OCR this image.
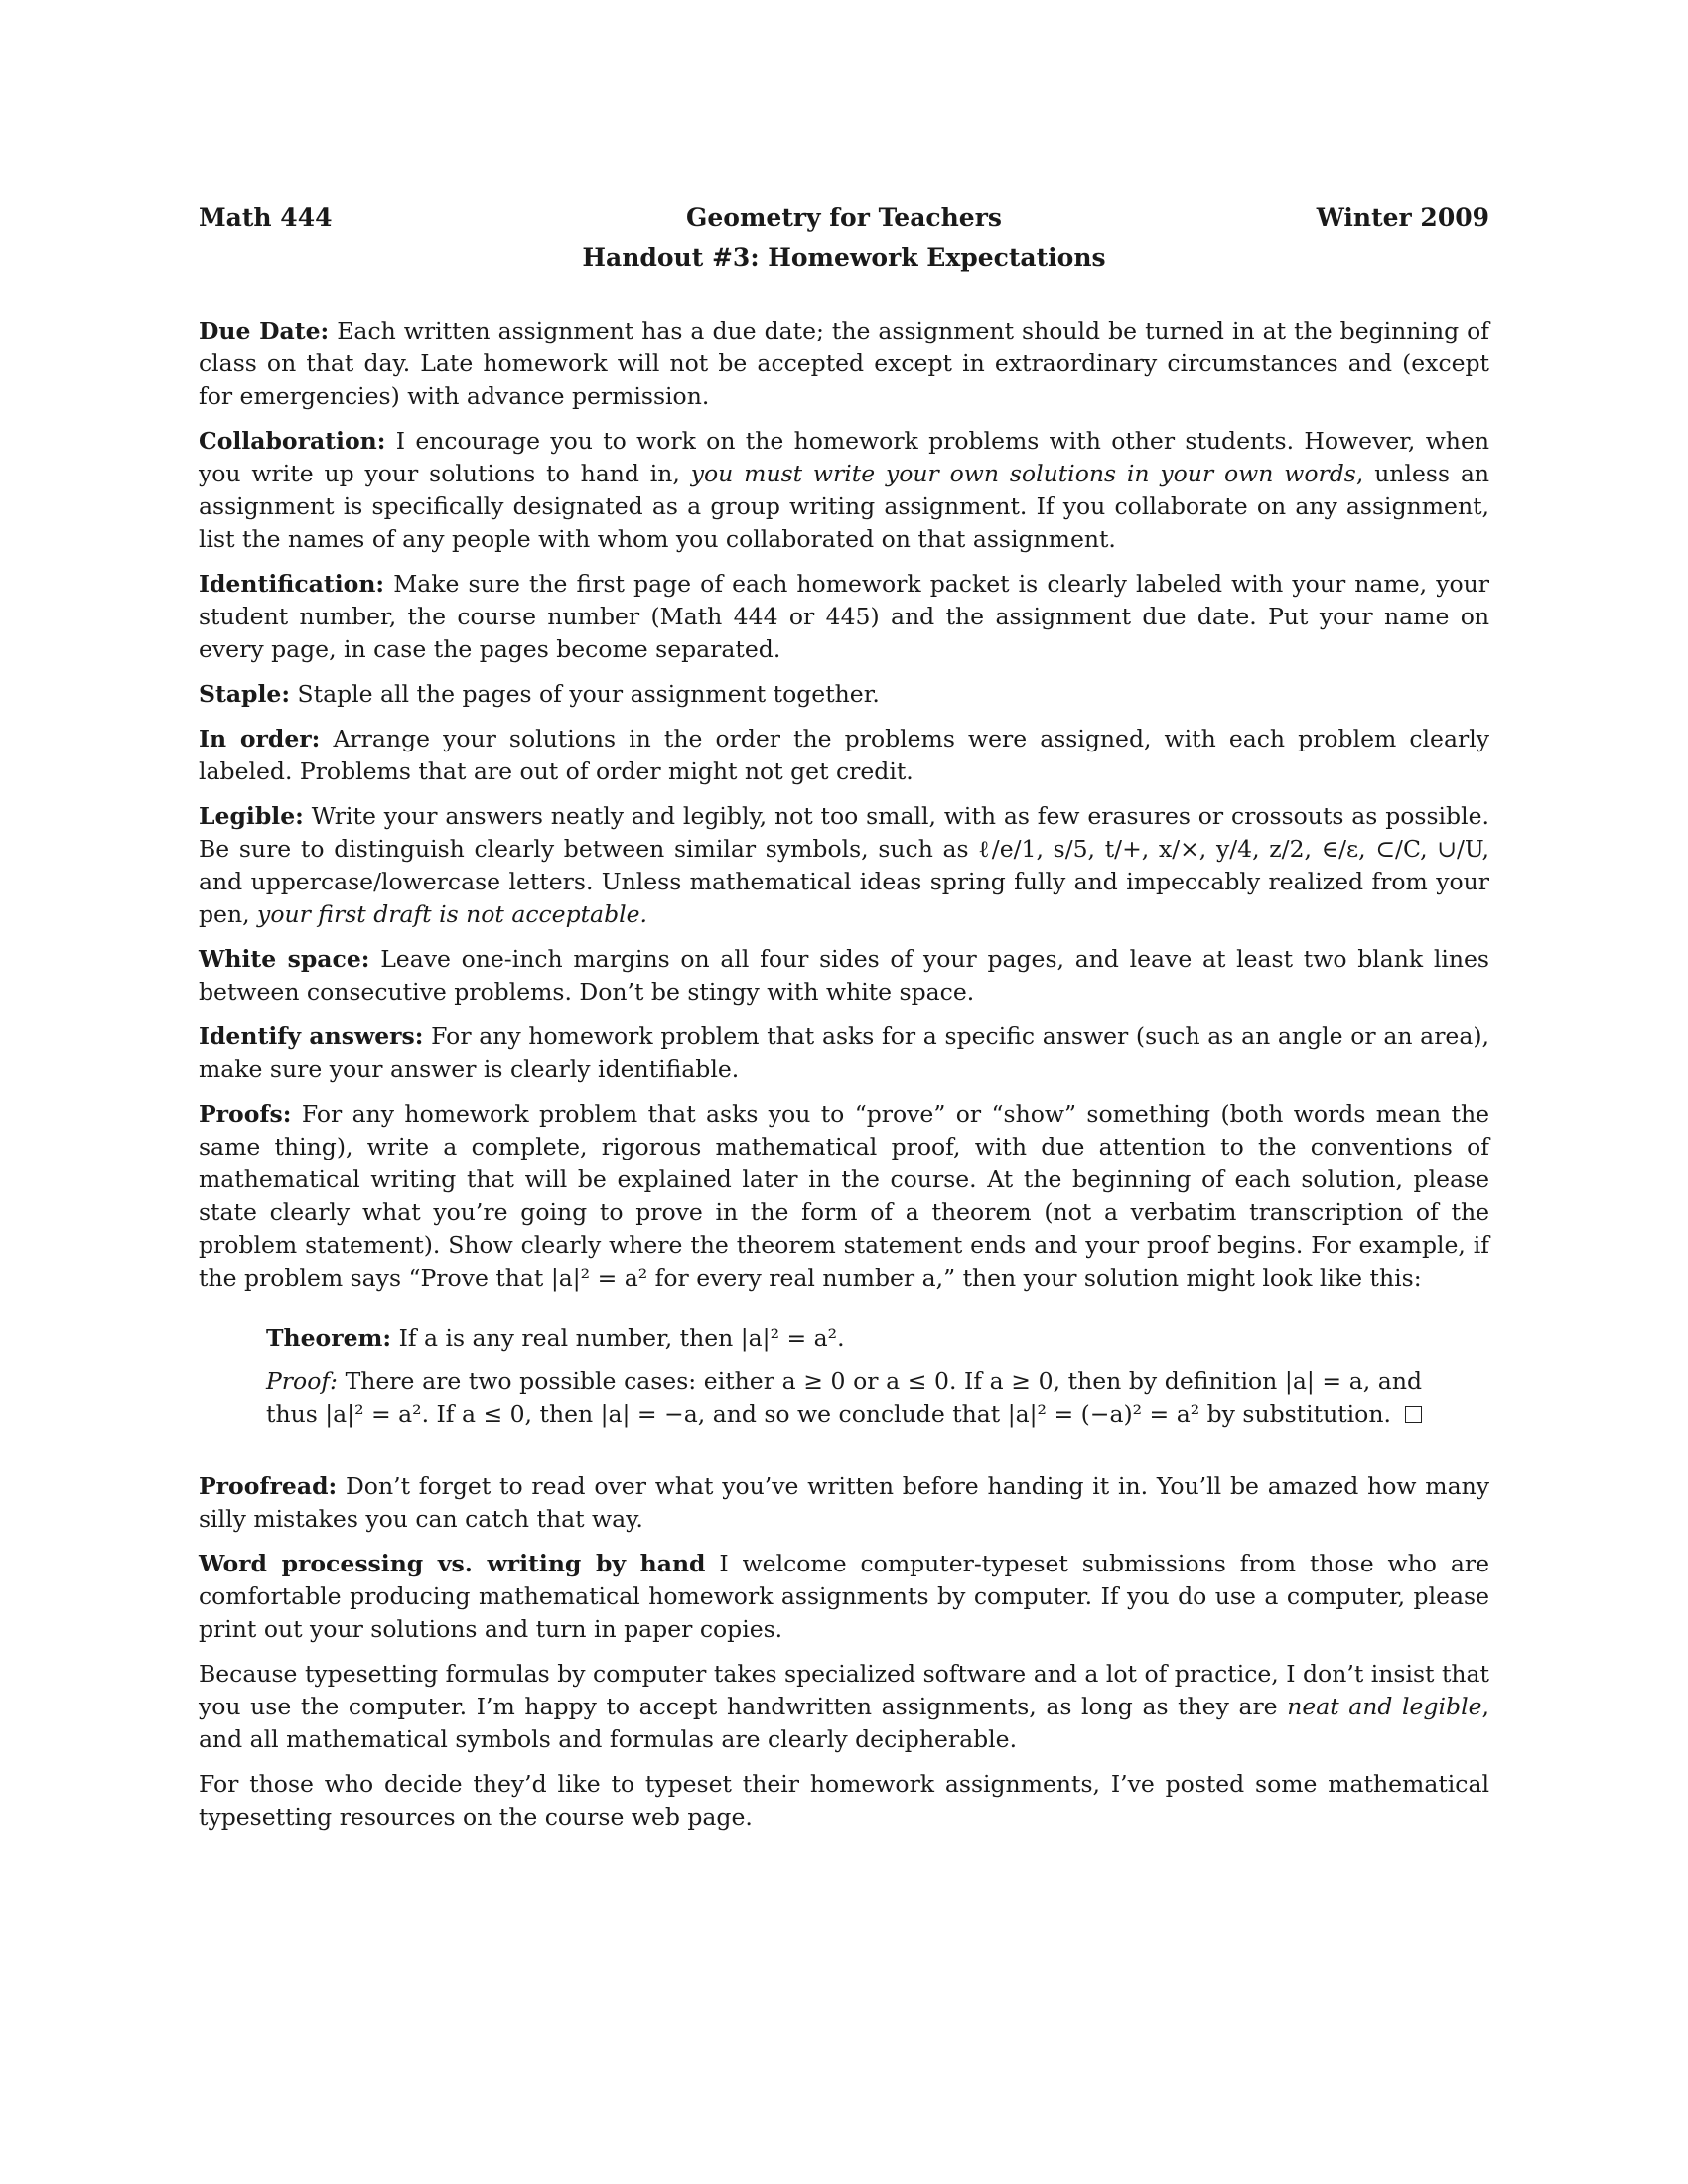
Math 444	Geometry for Teachers	Winter 2009
Handout #3: Homework Expectations

Due Date: Each written assignment has a due date; the assignment should be turned in at the beginning of class on that day. Late homework will not be accepted except in extraordinary circumstances and (except for emergencies) with advance permission.

Collaboration: I encourage you to work on the homework problems with other students. However, when you write up your solutions to hand in, you must write your own solutions in your own words, unless an assignment is specifically designated as a group writing assignment. If you collaborate on any assignment, list the names of any people with whom you collaborated on that assignment.

Identification: Make sure the first page of each homework packet is clearly labeled with your name, your student number, the course number (Math 444 or 445) and the assignment due date. Put your name on every page, in case the pages become separated.

Staple: Staple all the pages of your assignment together.

In order: Arrange your solutions in the order the problems were assigned, with each problem clearly labeled. Problems that are out of order might not get credit.

Legible: Write your answers neatly and legibly, not too small, with as few erasures or crossouts as possible. Be sure to distinguish clearly between similar symbols, such as ℓ/e/1, s/5, t/+, x/×, y/4, z/2, ∈/ε, ⊂/C, ∪/U, and uppercase/lowercase letters. Unless mathematical ideas spring fully and impeccably realized from your pen, your first draft is not acceptable.

White space: Leave one-inch margins on all four sides of your pages, and leave at least two blank lines between consecutive problems. Don’t be stingy with white space.

Identify answers: For any homework problem that asks for a specific answer (such as an angle or an area), make sure your answer is clearly identifiable.

Proofs: For any homework problem that asks you to “prove” or “show” something (both words mean the same thing), write a complete, rigorous mathematical proof, with due attention to the conventions of mathematical writing that will be explained later in the course. At the beginning of each solution, please state clearly what you’re going to prove in the form of a theorem (not a verbatim transcription of the problem statement). Show clearly where the theorem statement ends and your proof begins. For example, if the problem says “Prove that |a|² = a² for every real number a,” then your solution might look like this:

Theorem: If a is any real number, then |a|² = a².

Proof: There are two possible cases: either a ≥ 0 or a ≤ 0. If a ≥ 0, then by definition |a| = a, and thus |a|² = a². If a ≤ 0, then |a| = −a, and so we conclude that |a|² = (−a)² = a² by substitution.

Proofread: Don’t forget to read over what you’ve written before handing it in. You’ll be amazed how many silly mistakes you can catch that way.

Word processing vs. writing by hand I welcome computer-typeset submissions from those who are comfortable producing mathematical homework assignments by computer. If you do use a computer, please print out your solutions and turn in paper copies.

Because typesetting formulas by computer takes specialized software and a lot of practice, I don’t insist that you use the computer. I’m happy to accept handwritten assignments, as long as they are neat and legible, and all mathematical symbols and formulas are clearly decipherable.

For those who decide they’d like to typeset their homework assignments, I’ve posted some mathematical typesetting resources on the course web page.
